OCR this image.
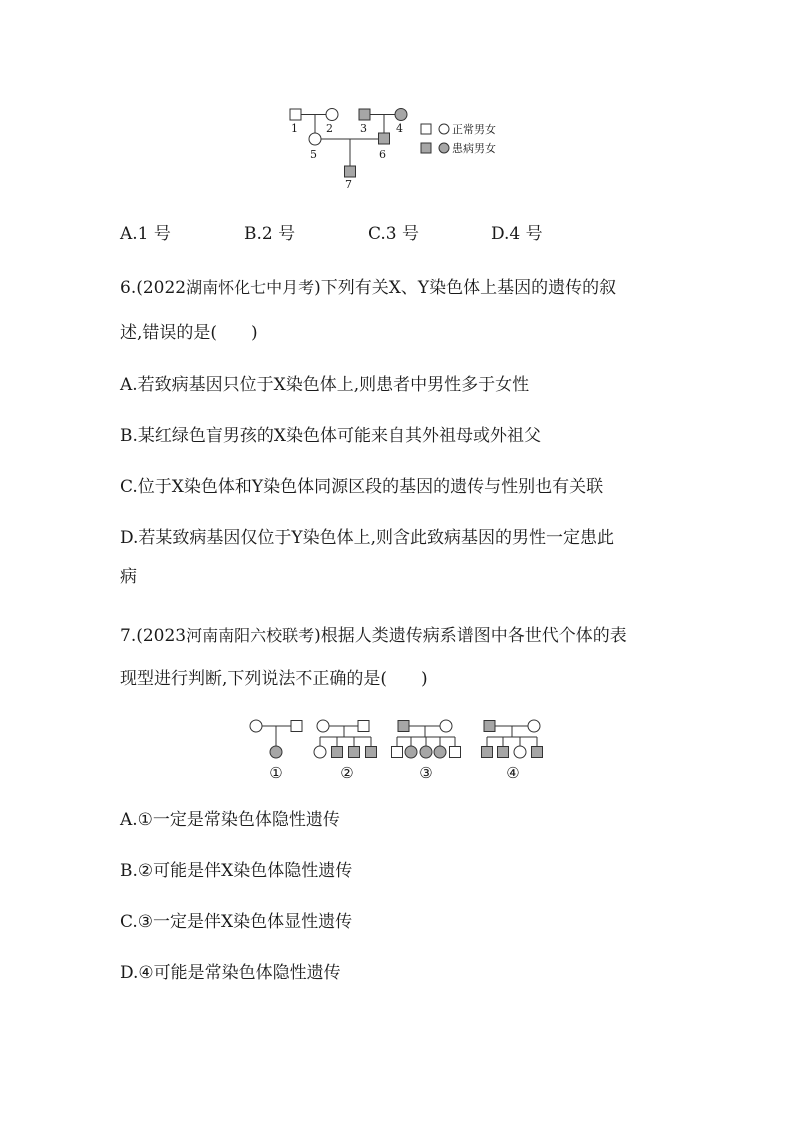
1	2 3	4
5	6
7
正常男女
患病男女
A.1 号	B.2 号	C.3 号	D.4 号
6.(2022湖南怀化七中月考)下列有关X、Y染色体上基因的遗传的叙
述,错误的是(　　)
A.若致病基因只位于X染色体上,则患者中男性多于女性
B.某红绿色盲男孩的X染色体可能来自其外祖母或外祖父
C.位于X染色体和Y染色体同源区段的基因的遗传与性别也有关联
D.若某致病基因仅位于Y染色体上,则含此致病基因的男性一定患此
病
7.(2023河南南阳六校联考)根据人类遗传病系谱图中各世代个体的表
现型进行判断,下列说法不正确的是(　　)
①	②	③	④
A.①一定是常染色体隐性遗传
B.②可能是伴X染色体隐性遗传
C.③一定是伴X染色体显性遗传
D.④可能是常染色体隐性遗传
